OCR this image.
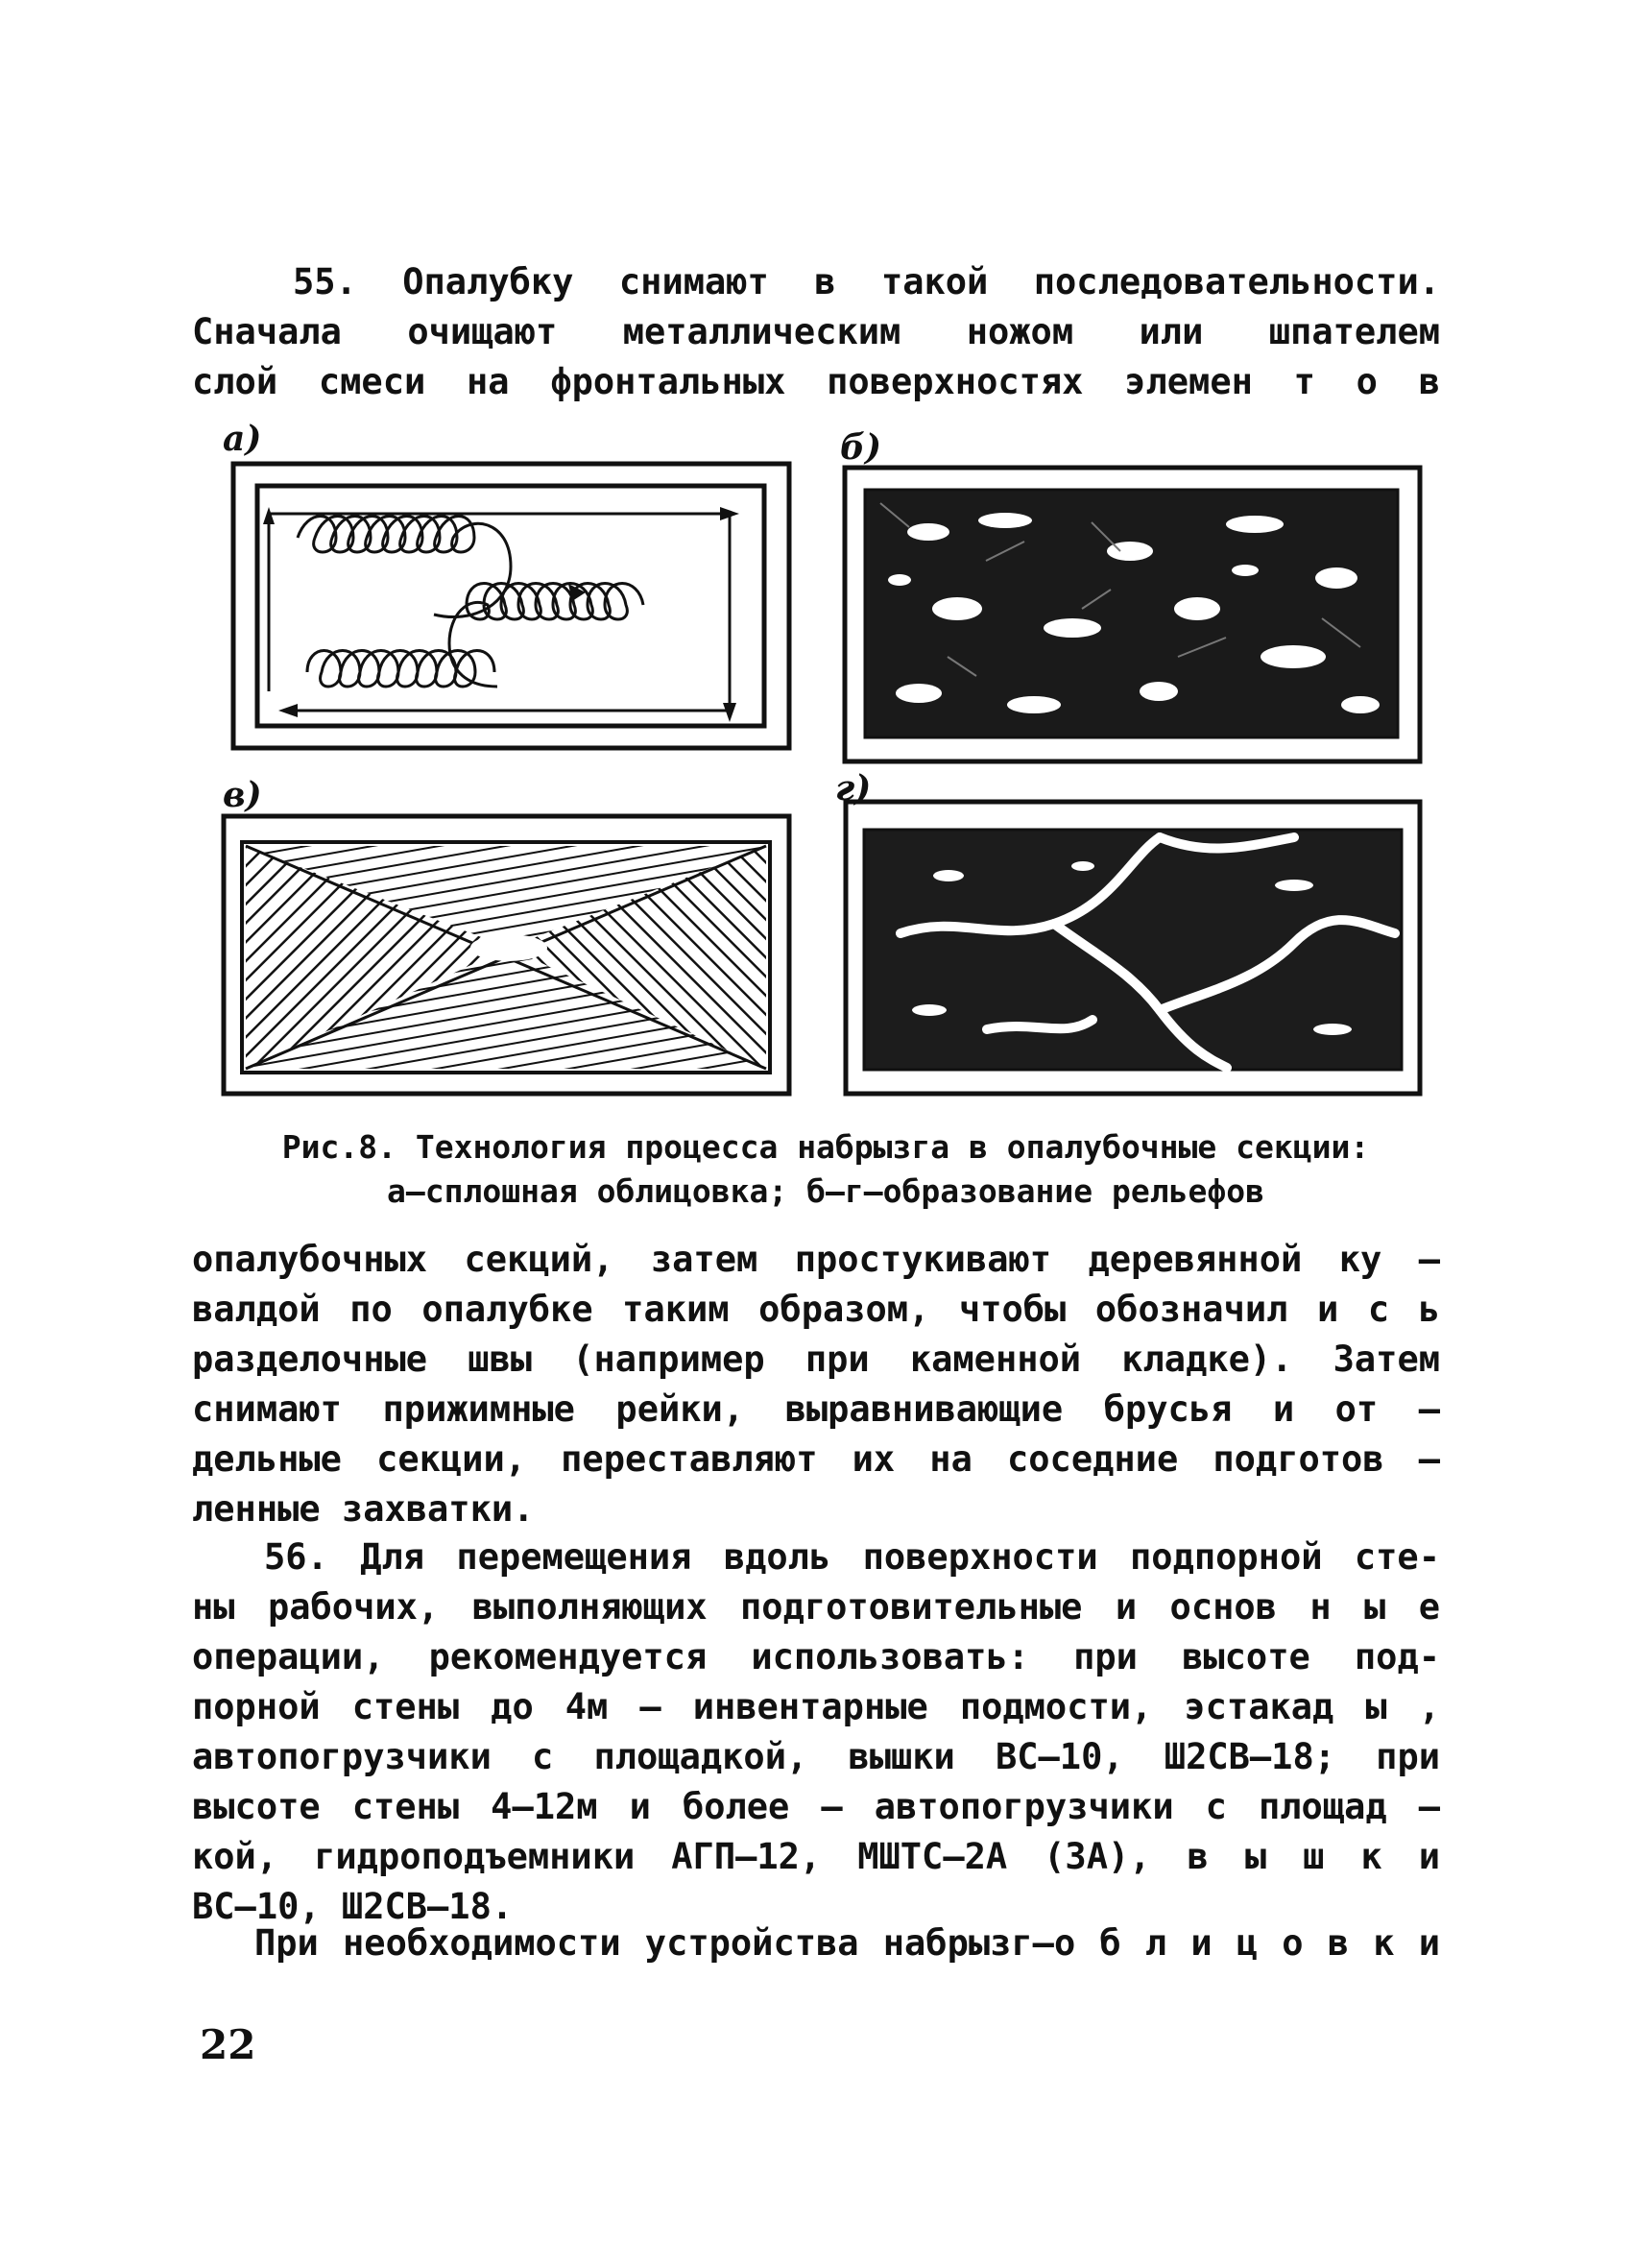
55. Опалубку снимают в такой последовательности.
Сначала очищают металлическим ножом или шпателем
слой смеси на фронтальных поверхностях элемен т о в

а)	б)
в)	г)
Рис.8. Технология процесса набрызга в опалубочные секции:
а–сплошная облицовка; б–г–образование рельефов

опалубочных секций, затем простукивают деревянной ку –
валдой по опалубке таким образом, чтобы обозначил и с ь
разделочные швы (например при каменной кладке). Затем
снимают прижимные рейки, выравнивающие брусья и от –
дельные секции, переставляют их на соседние подготов –
ленные захватки.

56. Для перемещения вдоль поверхности подпорной сте-
ны рабочих, выполняющих подготовительные и основ н ы е
операции, рекомендуется использовать: при высоте под-
порной стены до 4м – инвентарные подмости, эстакад ы ,
автопогрузчики с площадкой, вышки ВС–10, Ш2СВ–18; при
высоте стены 4–12м и более – автопогрузчики с площад –
кой, гидроподъемники АГП–12, МШТС–2А (3А), в ы ш к и
ВС–10, Ш2СВ–18.

При необходимости устройства набрызг–о б л и ц о в к и

22
